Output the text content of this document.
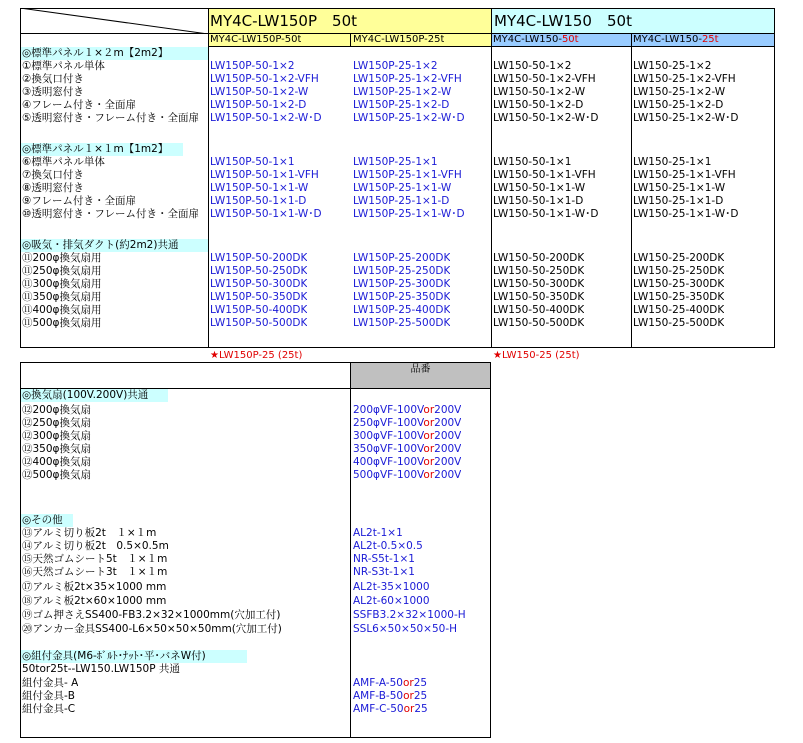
MY4C-LW150P　50t	MY4C-LW150　50t
MY4C-LW150P-50t	MY4C-LW150P-25t	MY4C-LW150-50t	MY4C-LW150-25t
◎標準パネル１×２m【2m2】
①標準パネル単体	LW150P-50-1×2	LW150P-25-1×2	LW150-50-1×2	LW150-25-1×2
②換気口付き	LW150P-50-1×2-VFH	LW150P-25-1×2-VFH	LW150-50-1×2-VFH	LW150-25-1×2-VFH
③透明窓付き	LW150P-50-1×2-W	LW150P-25-1×2-W	LW150-50-1×2-W	LW150-25-1×2-W
④フレーム付き・全面扉	LW150P-50-1×2-D	LW150P-25-1×2-D	LW150-50-1×2-D	LW150-25-1×2-D
⑤透明窓付き・フレーム付き・全面扉	LW150P-50-1×2-W･D	LW150P-25-1×2-W･D	LW150-50-1×2-W･D	LW150-25-1×2-W･D
◎標準パネル１×１m【1m2】
⑥標準パネル単体	LW150P-50-1×1	LW150P-25-1×1	LW150-50-1×1	LW150-25-1×1
⑦換気口付き	LW150P-50-1×1-VFH	LW150P-25-1×1-VFH	LW150-50-1×1-VFH	LW150-25-1×1-VFH
⑧透明窓付き	LW150P-50-1×1-W	LW150P-25-1×1-W	LW150-50-1×1-W	LW150-25-1×1-W
⑨フレーム付き・全面扉	LW150P-50-1×1-D	LW150P-25-1×1-D	LW150-50-1×1-D	LW150-25-1×1-D
⑩透明窓付き・フレーム付き・全面扉	LW150P-50-1×1-W･D	LW150P-25-1×1-W･D	LW150-50-1×1-W･D	LW150-25-1×1-W･D
◎吸気・排気ダクト(約2m2)共通
⑪200φ換気扇用	LW150P-50-200DK	LW150P-25-200DK	LW150-50-200DK	LW150-25-200DK
⑪250φ換気扇用	LW150P-50-250DK	LW150P-25-250DK	LW150-50-250DK	LW150-25-250DK
⑪300φ換気扇用	LW150P-50-300DK	LW150P-25-300DK	LW150-50-300DK	LW150-25-300DK
⑪350φ換気扇用	LW150P-50-350DK	LW150P-25-350DK	LW150-50-350DK	LW150-25-350DK
⑪400φ換気扇用	LW150P-50-400DK	LW150P-25-400DK	LW150-50-400DK	LW150-25-400DK
⑪500φ換気扇用	LW150P-50-500DK	LW150P-25-500DK	LW150-50-500DK	LW150-25-500DK
★LW150P-25 (25t)	★LW150-25 (25t)
品番
◎換気扇(100V.200V)共通
⑫200φ換気扇	200φVF-100Vor200V
⑫250φ換気扇	250φVF-100Vor200V
⑫300φ換気扇	300φVF-100Vor200V
⑫350φ換気扇	350φVF-100Vor200V
⑫400φ換気扇	400φVF-100Vor200V
⑫500φ換気扇	500φVF-100Vor200V
◎その他
⑬アルミ切り板2t　１×１m	AL2t-1×1
⑭アルミ切り板2t　0.5×0.5m	AL2t-0.5×0.5
⑮天然ゴムシート5t　１×１m	NR-S5t-1×1
⑯天然ゴムシート3t　１×１m	NR-S3t-1×1
⑰アルミ板2t×35×1000 mm	AL2t-35×1000
⑱アルミ板2t×60×1000 mm	AL2t-60×1000
⑲ゴム押さえSS400-FB3.2×32×1000mm(穴加工付)	SSFB3.2×32×1000-H
⑳アンカー金具SS400-L6×50×50×50mm(穴加工付)	SSL6×50×50×50-H
◎組付金具(M6-ﾎﾞﾙﾄ･ﾅｯﾄ･平･バネW付)
50tor25t--LW150.LW150P 共通
組付金具- A	AMF-A-50or25
組付金具-B	AMF-B-50or25
組付金具-C	AMF-C-50or25
